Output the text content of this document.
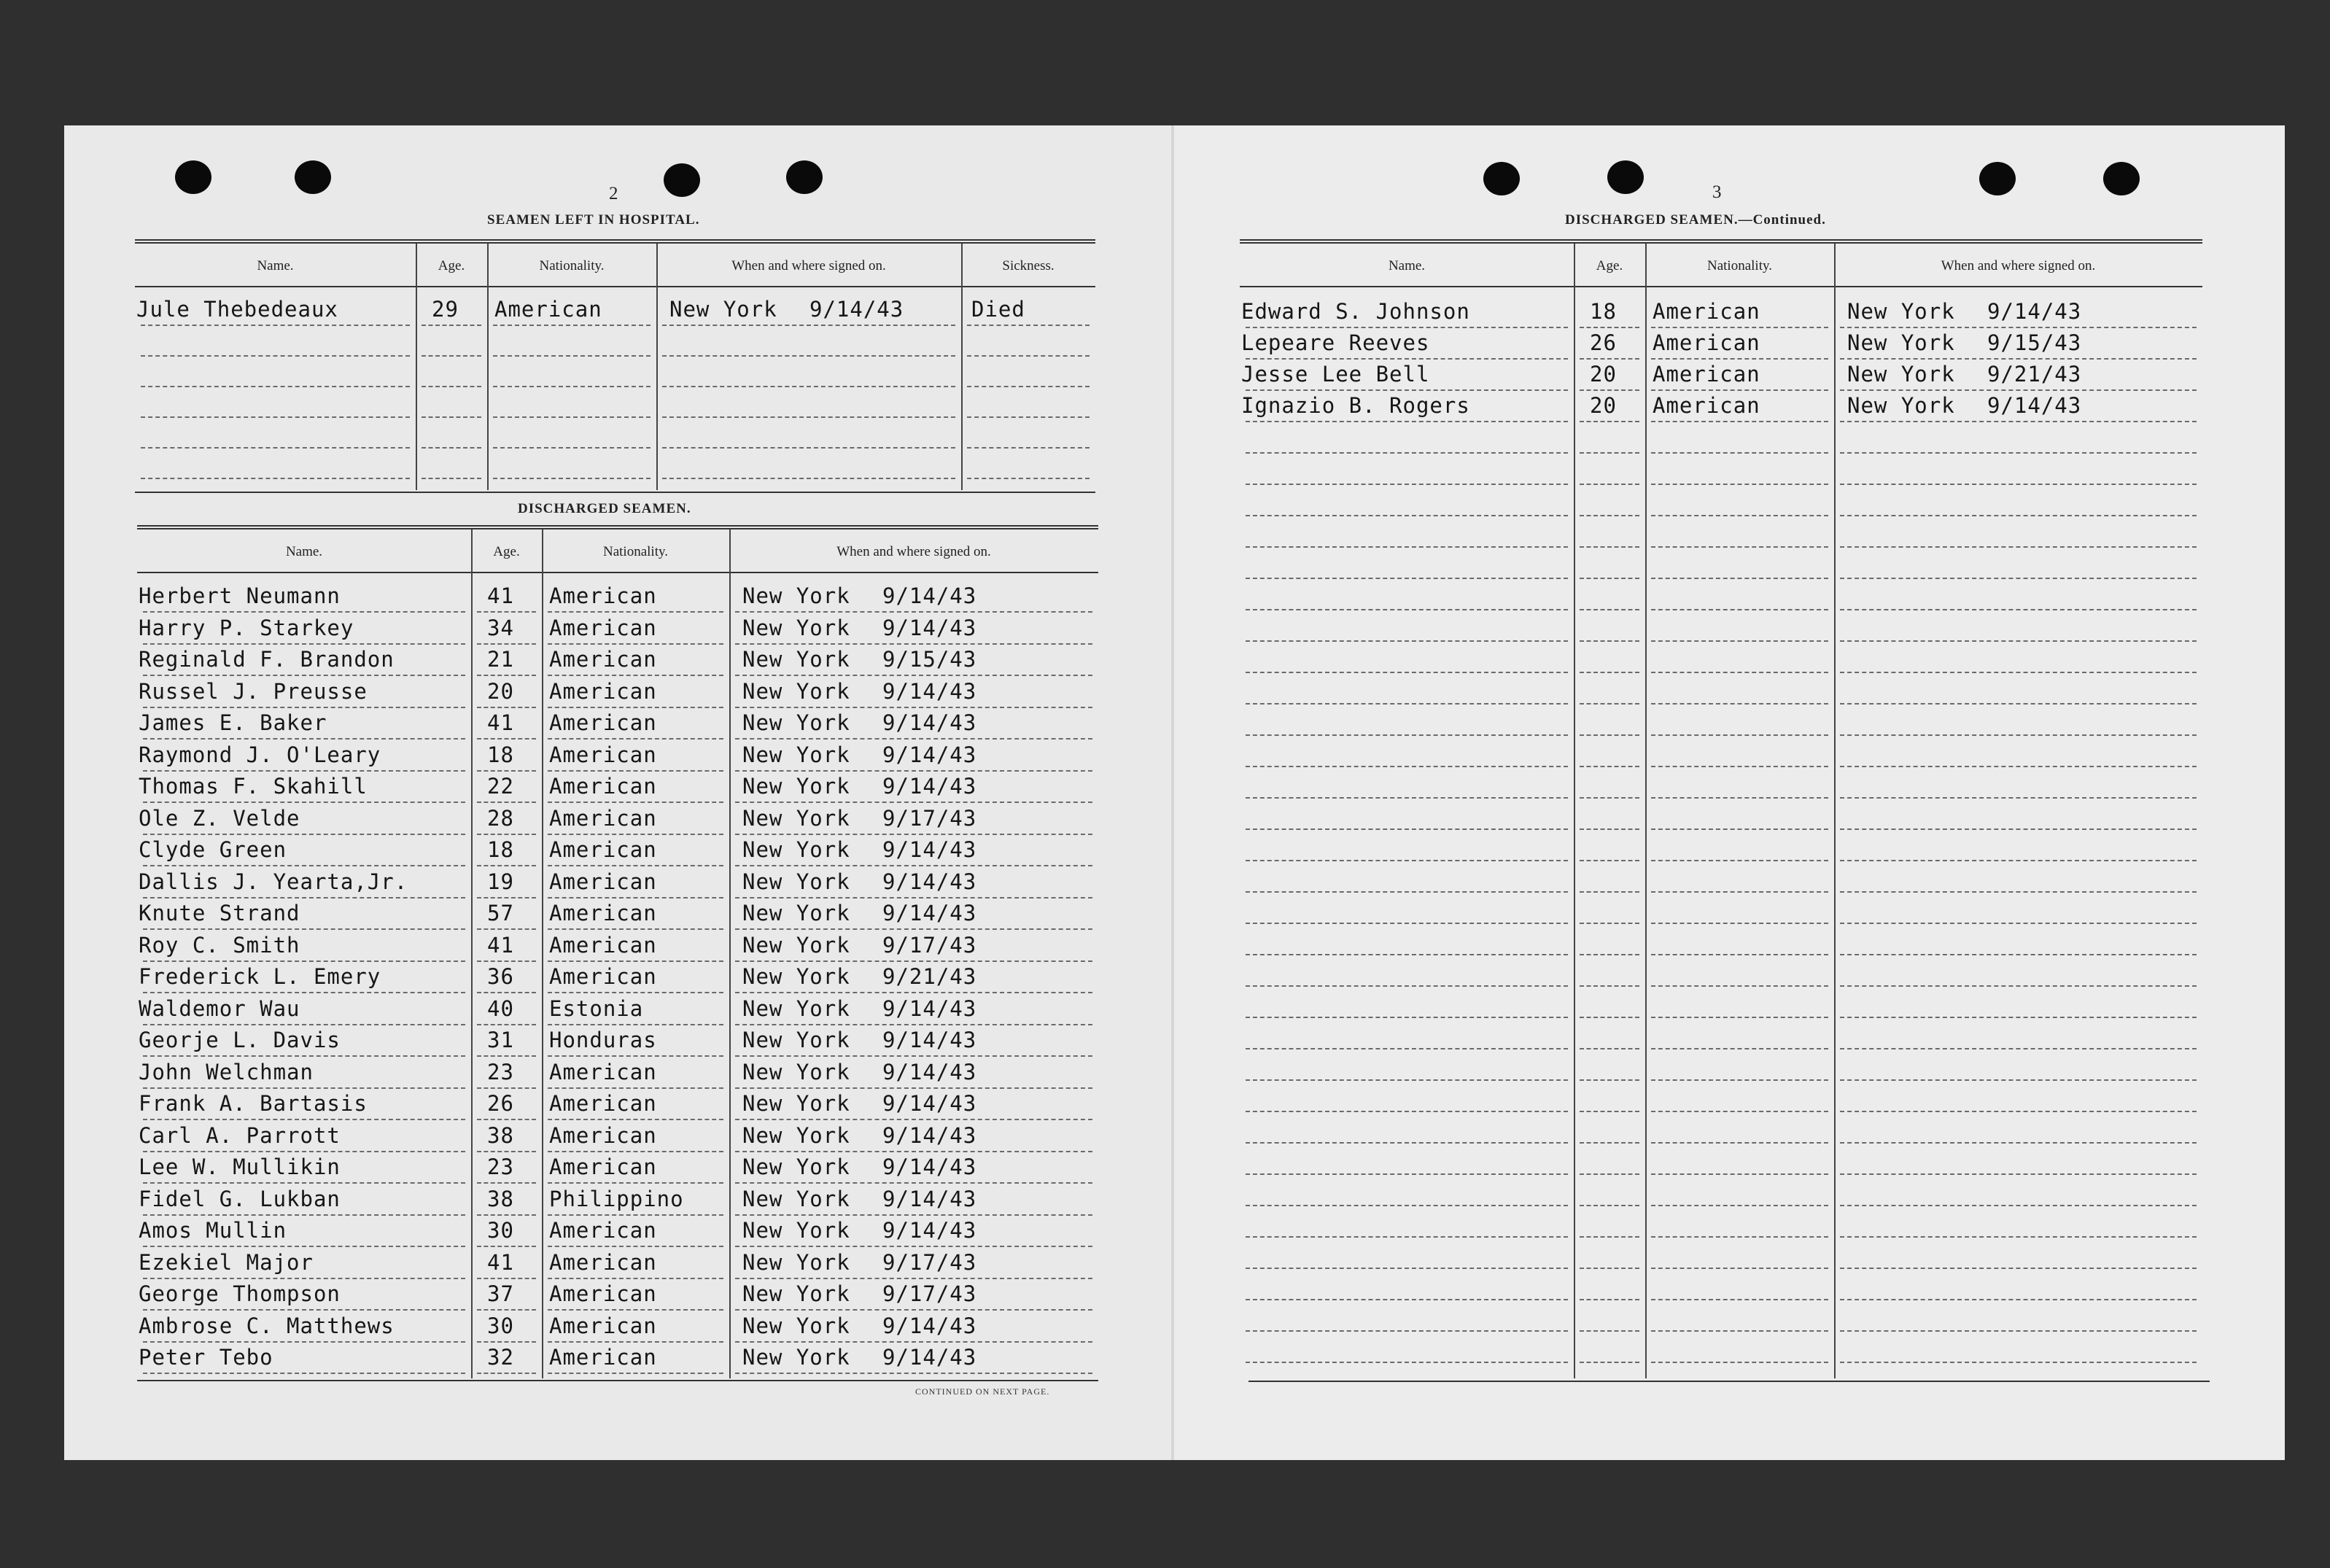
2
SEAMEN LEFT IN HOSPITAL.
DISCHARGED SEAMEN.
CONTINUED ON NEXT PAGE.
3
DISCHARGED SEAMEN.—Continued.
Name.	Age.	Nationality.	When and where signed on.	Sickness.
Jule Thebedeaux	29 American	New York 9/14/43	Died
Name.	Age.	Nationality.	When and where signed on.
Herbert Neumann	41 American	New York 9/14/43
Harry P. Starkey	34 American	New York 9/14/43
Reginald F. Brandon	21 American	New York 9/15/43
Russel J. Preusse	20 American	New York 9/14/43
James E. Baker	41 American	New York 9/14/43
Raymond J. O'Leary	18 American	New York 9/14/43
Thomas F. Skahill	22 American	New York 9/14/43
Ole Z. Velde	28 American	New York 9/17/43
Clyde Green	18 American	New York 9/14/43
Dallis J. Yearta,Jr.	19 American	New York 9/14/43
Knute Strand	57 American	New York 9/14/43
Roy C. Smith	41 American	New York 9/17/43
Frederick L. Emery	36 American	New York 9/21/43
Waldemor Wau	40 Estonia	New York 9/14/43
Georje L. Davis	31 Honduras	New York 9/14/43
John Welchman	23 American	New York 9/14/43
Frank A. Bartasis	26 American	New York 9/14/43
Carl A. Parrott	38 American	New York 9/14/43
Lee W. Mullikin	23 American	New York 9/14/43
Fidel G. Lukban	38 Philippino	New York 9/14/43
Amos Mullin	30 American	New York 9/14/43
Ezekiel Major	41 American	New York 9/17/43
George Thompson	37 American	New York 9/17/43
Ambrose C. Matthews	30 American	New York 9/14/43
Peter Tebo	32 American	New York 9/14/43
Name.	Age.	Nationality.	When and where signed on.
Edward S. Johnson	18 American	New York 9/14/43
Lepeare Reeves	26 American	New York 9/15/43
Jesse Lee Bell	20 American	New York 9/21/43
Ignazio B. Rogers	20 American	New York 9/14/43
